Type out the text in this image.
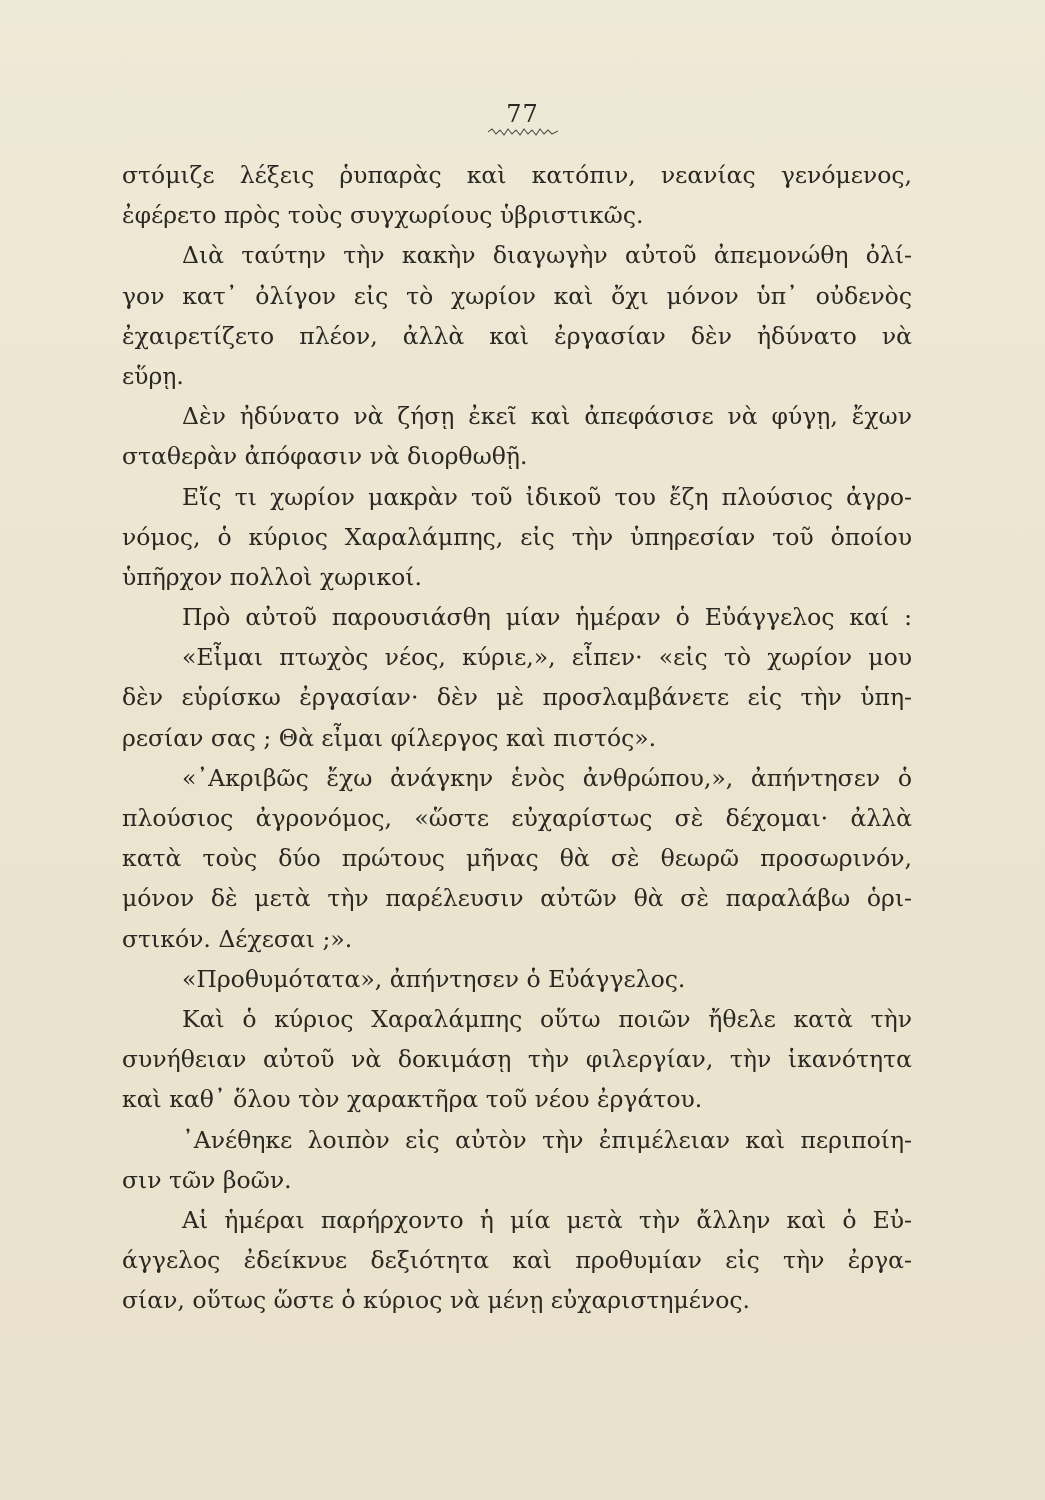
77
στόμιζε λέξεις ῥυπαρὰς καὶ κατόπιν, νεανίας γενόμενος,
ἐφέρετο πρὸς τοὺς συγχωρίους ὑβριστικῶς.
Διὰ ταύτην τὴν κακὴν διαγωγὴν αὐτοῦ ἀπεμονώθη ὀλί-
γον κατ᾽ ὀλίγον εἰς τὸ χωρίον καὶ ὄχι μόνον ὑπ᾽ οὐδενὸς
ἐχαιρετίζετο πλέον, ἀλλὰ καὶ ἐργασίαν δὲν ἠδύνατο νὰ
εὕρῃ.
Δὲν ἠδύνατο νὰ ζήσῃ ἐκεῖ καὶ ἀπεφάσισε νὰ φύγῃ, ἔχων
σταθερὰν ἀπόφασιν νὰ διορθωθῇ.
Εἴς τι χωρίον μακρὰν τοῦ ἰδικοῦ του ἔζη πλούσιος ἀγρο-
νόμος, ὁ κύριος Χαραλάμπης, εἰς τὴν ὑπηρεσίαν τοῦ ὁποίου
ὑπῆρχον πολλοὶ χωρικοί.
Πρὸ αὐτοῦ παρουσιάσθη μίαν ἡμέραν ὁ Εὐάγγελος καί :
«Εἶμαι πτωχὸς νέος, κύριε,», εἶπεν· «εἰς τὸ χωρίον μου
δὲν εὑρίσκω ἐργασίαν· δὲν μὲ προσλαμβάνετε εἰς τὴν ὑπη-
ρεσίαν σας ; Θὰ εἶμαι φίλεργος καὶ πιστός».
«᾽Ακριβῶς ἔχω ἀνάγκην ἑνὸς ἀνθρώπου,», ἀπήντησεν ὁ
πλούσιος ἀγρονόμος, «ὥστε εὐχαρίστως σὲ δέχομαι· ἀλλὰ
κατὰ τοὺς δύο πρώτους μῆνας θὰ σὲ θεωρῶ προσωρινόν,
μόνον δὲ μετὰ τὴν παρέλευσιν αὐτῶν θὰ σὲ παραλάβω ὁρι-
στικόν. Δέχεσαι ;».
«Προθυμότατα», ἀπήντησεν ὁ Εὐάγγελος.
Καὶ ὁ κύριος Χαραλάμπης οὕτω ποιῶν ἤθελε κατὰ τὴν
συνήθειαν αὐτοῦ νὰ δοκιμάσῃ τὴν φιλεργίαν, τὴν ἱκανότητα
καὶ καθ᾽ ὅλου τὸν χαρακτῆρα τοῦ νέου ἐργάτου.
᾽Ανέθηκε λοιπὸν εἰς αὐτὸν τὴν ἐπιμέλειαν καὶ περιποίη-
σιν τῶν βοῶν.
Αἱ ἡμέραι παρήρχοντο ἡ μία μετὰ τὴν ἄλλην καὶ ὁ Εὐ-
άγγελος ἐδείκνυε δεξιότητα καὶ προθυμίαν εἰς τὴν ἐργα-
σίαν, οὕτως ὥστε ὁ κύριος νὰ μένῃ εὐχαριστημένος.
